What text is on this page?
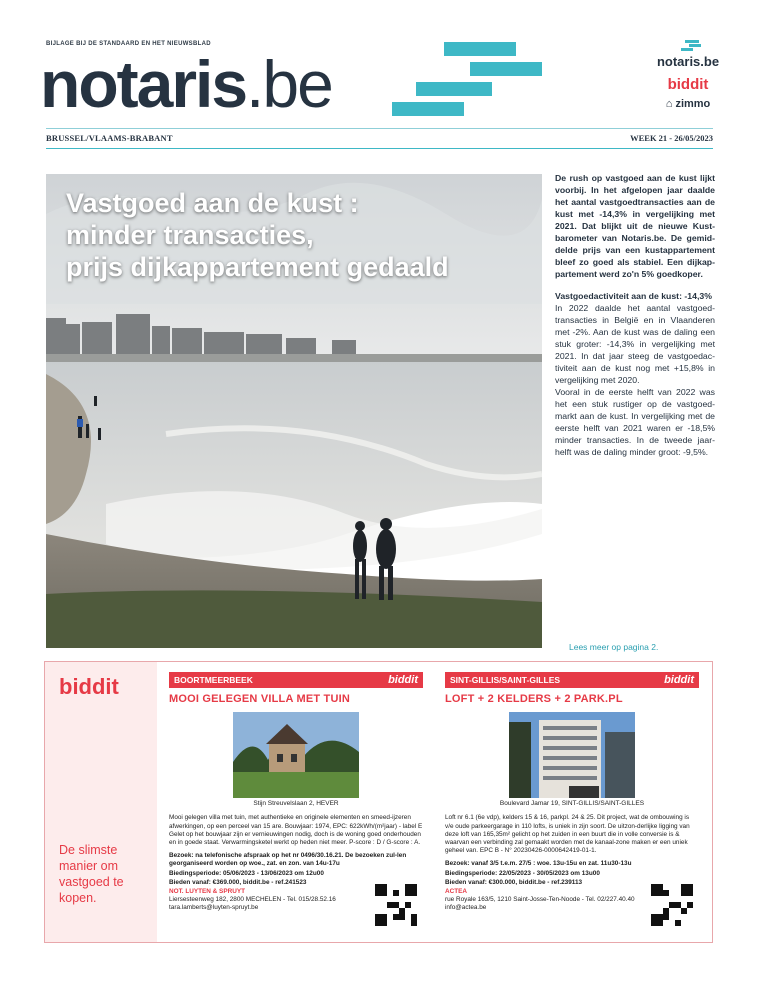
BIJLAGE BIJ DE STANDAARD EN HET NIEUWSBLAD
notaris.be	notaris.be
biddit
⌂ zimmo
BRUSSEL/VLAAMS-BRABANT	WEEK 21 - 26/05/2023
Vastgoed aan de kust :
minder transacties,
prijs dijkappartement gedaald

De rush op vastgoed aan de kust lijkt voorbij. In het afgelopen jaar daalde het aantal vastgoedtransacties aan de kust met -14,3% in vergelijking met 2021. Dat blijkt uit de nieuwe Kust-barometer van Notaris.be. De gemid-delde prijs van een kustappartement bleef zo goed als stabiel. Een dijkap-partement werd zo'n 5% goedkoper.

Vastgoedactiviteit aan de kust: -14,3%

In 2022 daalde het aantal vastgoed-transacties in België en in Vlaanderen met -2%. Aan de kust was de daling een stuk groter: -14,3% in vergelijking met 2021. In dat jaar steeg de vastgoedac-tiviteit aan de kust nog met +15,8% in vergelijking met 2020.

Vooral in de eerste helft van 2022 was het een stuk rustiger op de vastgoed-markt aan de kust. In vergelijking met de eerste helft van 2021 waren er -18,5% minder transacties. In de tweede jaar-helft was de daling minder groot: -9,5%.

Lees meer op pagina 2.
biddit
De slimste manier om vastgoed te kopen.
BOORTMEERBEEK	biddit
MOOI GELEGEN VILLA MET TUIN
Stijn Streuvelslaan 2, HEVER
Mooi gelegen villa met tuin, met authentieke en originele elementen en smeed-ijzeren afwerkingen, op een perceel van 15 are. Bouwjaar: 1974, EPC: 622kWh/(m²jaar) - label E Gelet op het bouwjaar zijn er vernieuwingen nodig, doch is de woning goed onderhouden en in goede staat. Verwarmingsketel werkt op heden niet meer. P-score : D / G-score : A.
Bezoek: na telefonische afspraak op het nr 0496/30.16.21. De bezoeken zul-len georganiseerd worden op woe., zat. en zon. van 14u-17u
Biedingsperiode: 05/06/2023 - 13/06/2023 om 12u00
Bieden vanaf: €369.000, biddit.be - ref.241523
NOT. LUYTEN & SPRUYT
Liersesteenweg 182, 2800 MECHELEN - Tel. 015/28.52.16
tara.lamberts@luyten-spruyt.be
SINT-GILLIS/SAINT-GILLES	biddit
LOFT + 2 KELDERS + 2 PARK.PL
Boulevard Jamar 19, SINT-GILLIS/SAINT-GILLES
Loft nr 6.1 (6e vdp), kelders 15 & 16, parkpl. 24 & 25. Dit project, wat de ombouwing is v/e oude parkeergarage in 110 lofts, is uniek in zijn soort. De uitzon-derlijke ligging van deze loft van 165,35m² gelicht op het zuiden in een buurt die in volle conversie is & waarvan een verbinding zal gemaakt worden met de kanaal-zone maken er een uniek geheel van. EPC B - N° 20230426-0000642419-01-1.
Bezoek: vanaf 3/5 t.e.m. 27/5 : woe. 13u-15u en zat. 11u30-13u
Biedingsperiode: 22/05/2023 - 30/05/2023 om 13u00
Bieden vanaf: €300.000, biddit.be - ref.239113
ACTEA
rue Royale 163/5, 1210 Saint-Josse-Ten-Noode - Tel. 02/227.40.40
info@actea.be
